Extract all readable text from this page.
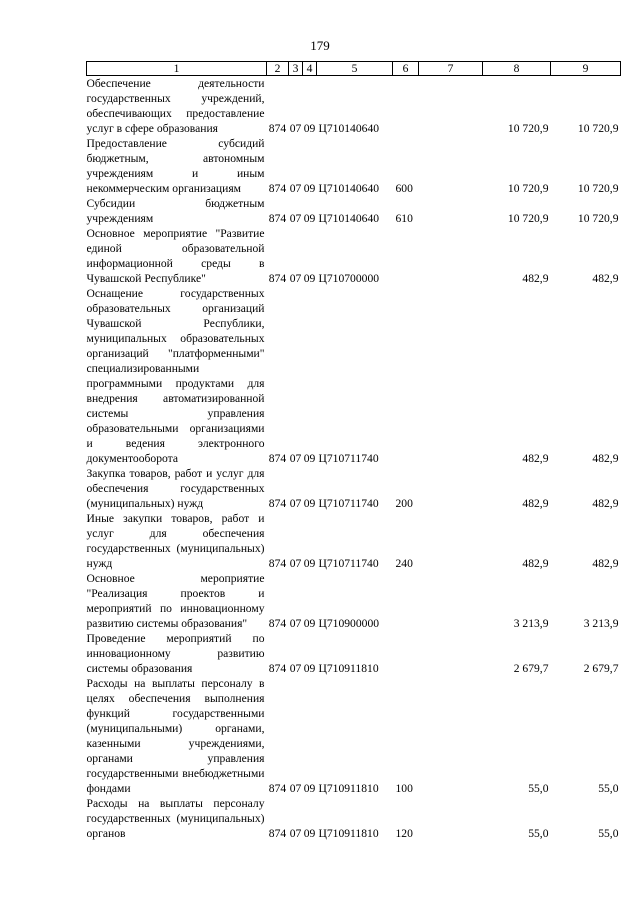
179
1	2	3	4	5	6	7	8	9
Обеспечение деятельности государственных учреждений, обеспечивающих предоставление услуг в сфере образования	874	07	09	Ц710140640			10 720,9	10 720,9
Предоставление субсидий бюджетным, автономным учреждениям и иным некоммерческим организациям	874	07	09	Ц710140640	600		10 720,9	10 720,9
Субсидии бюджетным учреждениям	874	07	09	Ц710140640	610		10 720,9	10 720,9
Основное мероприятие "Развитие единой образовательной информационной среды в Чувашской Республике"	874	07	09	Ц710700000			482,9	482,9
Оснащение государственных образовательных организаций Чувашской Республики, муниципальных образовательных организаций "платформенными" специализированными программными продуктами для внедрения автоматизированной системы управления образовательными организациями и ведения электронного документооборота	874	07	09	Ц710711740			482,9	482,9
Закупка товаров, работ и услуг для обеспечения государственных (муниципальных) нужд	874	07	09	Ц710711740	200		482,9	482,9
Иные закупки товаров, работ и услуг для обеспечения государственных (муниципальных) нужд	874	07	09	Ц710711740	240		482,9	482,9
Основное мероприятие "Реализация проектов и мероприятий по инновационному развитию системы образования"	874	07	09	Ц710900000			3 213,9	3 213,9
Проведение мероприятий по инновационному развитию системы образования	874	07	09	Ц710911810			2 679,7	2 679,7
Расходы на выплаты персоналу в целях обеспечения выполнения функций государственными (муниципальными) органами, казенными учреждениями, органами управления государственными внебюджетными фондами	874	07	09	Ц710911810	100		55,0	55,0
Расходы на выплаты персоналу государственных (муниципальных) органов	874	07	09	Ц710911810	120		55,0	55,0
